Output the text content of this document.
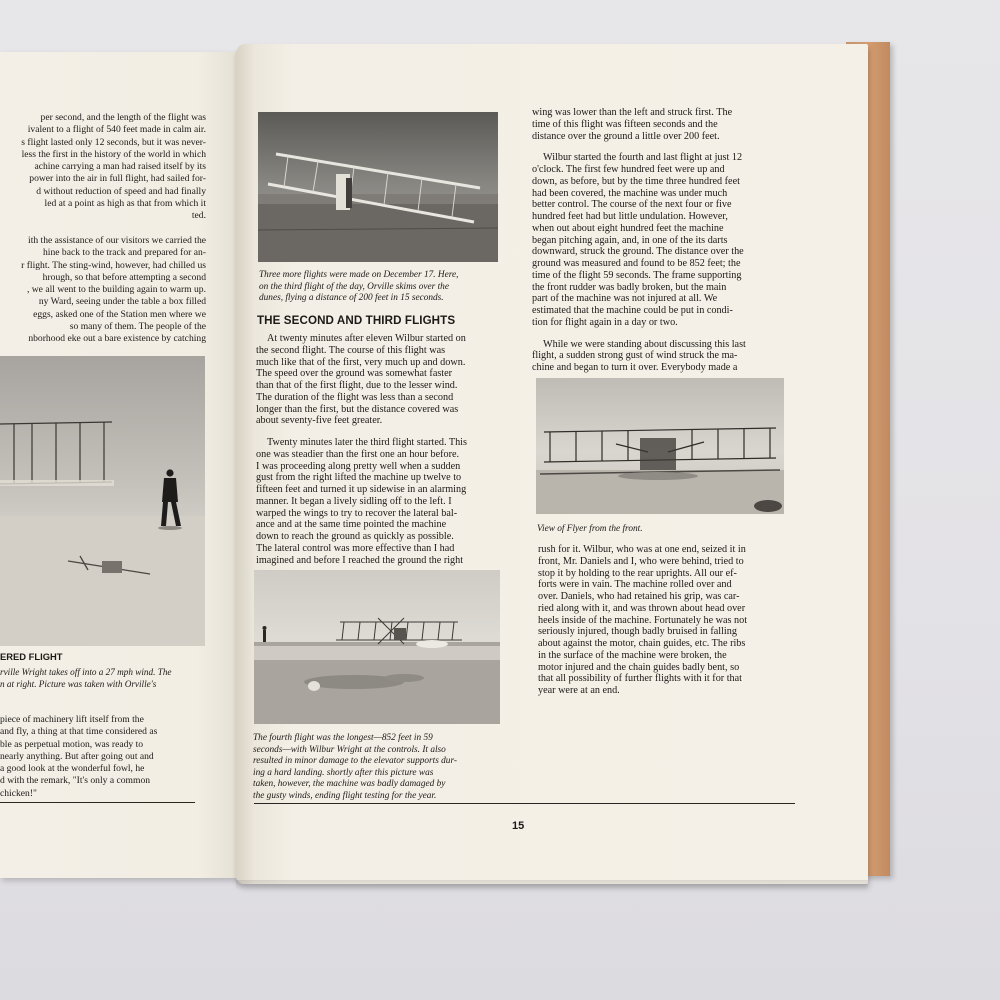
per second, and the length of the flight was
ivalent to a flight of 540 feet made in calm air.
s flight lasted only 12 seconds, but it was never-
less the first in the history of the world in which
achine carrying a man had raised itself by its
power into the air in full flight, had sailed for-
d without reduction of speed and had finally
led at a point as high as that from which it
ted.
ith the assistance of our visitors we carried the
hine back to the track and prepared for an-
r flight. The sting-wind, however, had chilled us
hrough, so that before attempting a second
, we all went to the building again to warm up.
ny Ward, seeing under the table a box filled
eggs, asked one of the Station men where we
so many of them. The people of the
nborhood eke out a bare existence by catching
ERED FLIGHT
rville Wright takes off into a 27 mph wind. The
n at right. Picture was taken with Orville's
piece of machinery lift itself from the
and fly, a thing at that time considered as
ble as perpetual motion, was ready to
nearly anything. But after going out and
a good look at the wonderful fowl, he
d with the remark, "It's only a common
chicken!"
Three more flights were made on December 17. Here,
on the third flight of the day, Orville skims over the
dunes, flying a distance of 200 feet in 15 seconds.
THE SECOND AND THIRD FLIGHTS
At twenty minutes after eleven Wilbur started on
the second flight. The course of this flight was
much like that of the first, very much up and down.
The speed over the ground was somewhat faster
than that of the first flight, due to the lesser wind.
The duration of the flight was less than a second
longer than the first, but the distance covered was
about seventy-five feet greater.
Twenty minutes later the third flight started. This
one was steadier than the first one an hour before.
I was proceeding along pretty well when a sudden
gust from the right lifted the machine up twelve to
fifteen feet and turned it up sidewise in an alarming
manner. It began a lively sidling off to the left. I
warped the wings to try to recover the lateral bal-
ance and at the same time pointed the machine
down to reach the ground as quickly as possible.
The lateral control was more effective than I had
imagined and before I reached the ground the right
The fourth flight was the longest—852 feet in 59
seconds—with Wilbur Wright at the controls. It also
resulted in minor damage to the elevator supports dur-
ing a hard landing. shortly after this picture was
taken, however, the machine was badly damaged by
the gusty winds, ending flight testing for the year.
wing was lower than the left and struck first. The
time of this flight was fifteen seconds and the
distance over the ground a little over 200 feet.
Wilbur started the fourth and last flight at just 12
o'clock. The first few hundred feet were up and
down, as before, but by the time three hundred feet
had been covered, the machine was under much
better control. The course of the next four or five
hundred feet had but little undulation. However,
when out about eight hundred feet the machine
began pitching again, and, in one of the its darts
downward, struck the ground. The distance over the
ground was measured and found to be 852 feet; the
time of the flight 59 seconds. The frame supporting
the front rudder was badly broken, but the main
part of the machine was not injured at all. We
estimated that the machine could be put in condi-
tion for flight again in a day or two.
While we were standing about discussing this last
flight, a sudden strong gust of wind struck the ma-
chine and began to turn it over. Everybody made a
View of Flyer from the front.
rush for it. Wilbur, who was at one end, seized it in
front, Mr. Daniels and I, who were behind, tried to
stop it by holding to the rear uprights. All our ef-
forts were in vain. The machine rolled over and
over. Daniels, who had retained his grip, was car-
ried along with it, and was thrown about head over
heels inside of the machine. Fortunately he was not
seriously injured, though badly bruised in falling
about against the motor, chain guides, etc. The ribs
in the surface of the machine were broken, the
motor injured and the chain guides badly bent, so
that all possibility of further flights with it for that
year were at an end.
15
